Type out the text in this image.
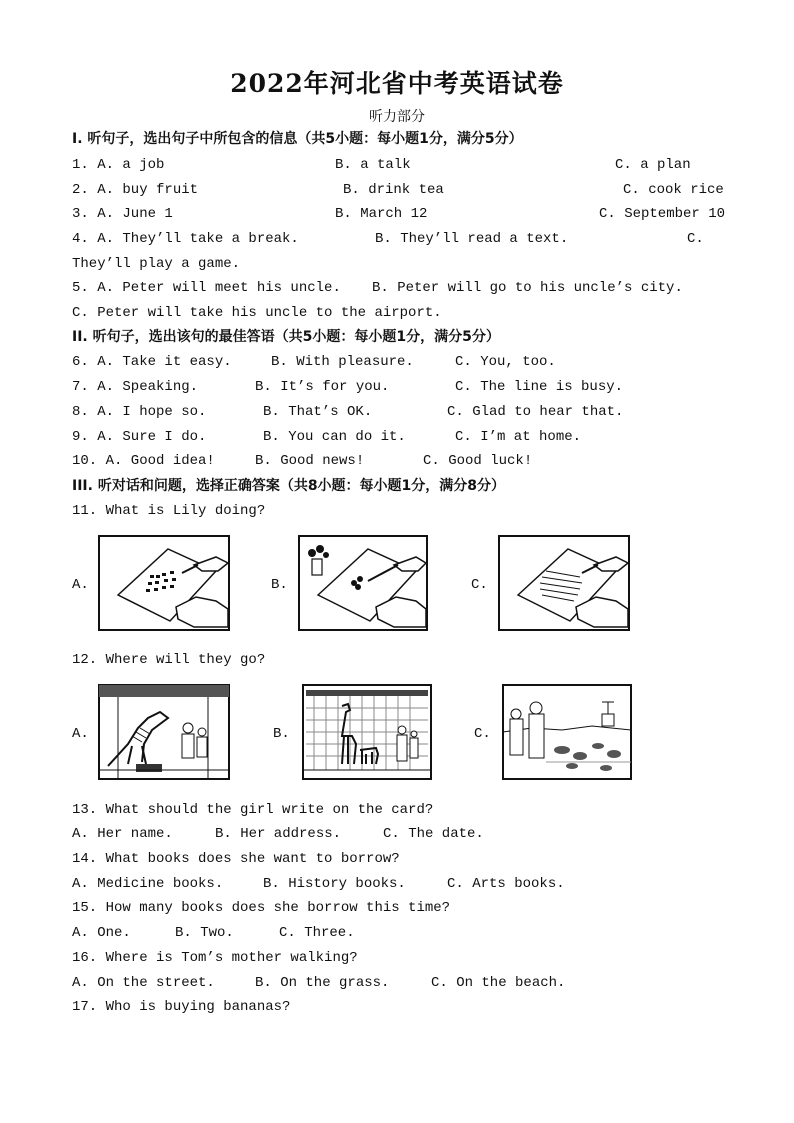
2022年河北省中考英语试卷
听力部分
Ⅰ. 听句子，选出句子中所包含的信息（共5小题：每小题1分，满分5分）
1. A. a job	B. a talk	C. a plan
2. A. buy fruit	B. drink tea	C. cook rice
3. A. June 1	B. March 12	C. September 10
4. A. They’ll take a break.	B. They’ll read a text.	C.
They’ll play a game.
5. A. Peter will meet his uncle. B. Peter will go to his uncle’s city.
C. Peter will take his uncle to the airport.
II. 听句子，选出该句的最佳答语（共5小题：每小题1分，满分5分）
6. A. Take it easy.	B. With pleasure.	C. You, too.
7. A. Speaking.	B. It’s for you.	C. The line is busy.
8. A. I hope so.	B. That’s OK.	C. Glad to hear that.
9. A. Sure I do.	B. You can do it.	C. I’m at home.
10. A. Good idea!	B. Good news!	C. Good luck!
III. 听对话和问题，选择正确答案（共8小题：每小题1分，满分8分）
11. What is Lily doing?
A.	B.	C.
12. Where will they go?
A.	B.	C.
13. What should the girl write on the card?
A. Her name.	B. Her address.	C. The date.
14. What books does she want to borrow?
A. Medicine books.	B. History books.	C. Arts books.
15. How many books does she borrow this time?
A. One.	B. Two.	C. Three.
16. Where is Tom’s mother walking?
A. On the street.	B. On the grass.	C. On the beach.
17. Who is buying bananas?
